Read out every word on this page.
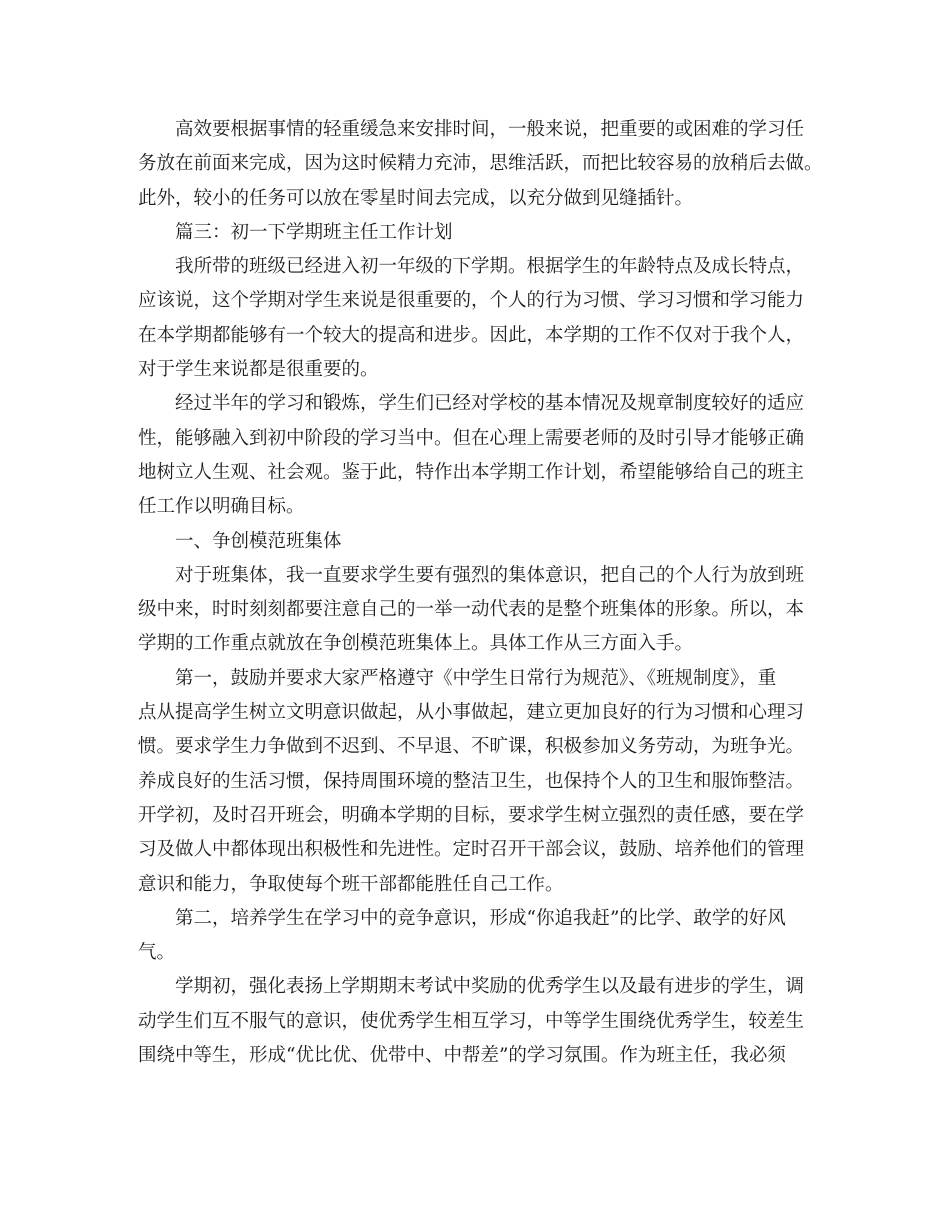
高效要根据事情的轻重缓急来安排时间，一般来说，把重要的或困难的学习任
务放在前面来完成，因为这时候精力充沛，思维活跃，而把比较容易的放稍后去做。
此外，较小的任务可以放在零星时间去完成，以充分做到见缝插针。
篇三：初一下学期班主任工作计划
我所带的班级已经进入初一年级的下学期。根据学生的年龄特点及成长特点，
应该说，这个学期对学生来说是很重要的，个人的行为习惯、学习习惯和学习能力
在本学期都能够有一个较大的提高和进步。因此，本学期的工作不仅对于我个人，
对于学生来说都是很重要的。
经过半年的学习和锻炼，学生们已经对学校的基本情况及规章制度较好的适应
性，能够融入到初中阶段的学习当中。但在心理上需要老师的及时引导才能够正确
地树立人生观、社会观。鉴于此，特作出本学期工作计划，希望能够给自己的班主
任工作以明确目标。
一、争创模范班集体
对于班集体，我一直要求学生要有强烈的集体意识，把自己的个人行为放到班
级中来，时时刻刻都要注意自己的一举一动代表的是整个班集体的形象。所以，本
学期的工作重点就放在争创模范班集体上。具体工作从三方面入手。
第一，鼓励并要求大家严格遵守《中学生日常行为规范》、《班规制度》，重
点从提高学生树立文明意识做起，从小事做起，建立更加良好的行为习惯和心理习
惯。要求学生力争做到不迟到、不早退、不旷课，积极参加义务劳动，为班争光。
养成良好的生活习惯，保持周围环境的整洁卫生，也保持个人的卫生和服饰整洁。
开学初，及时召开班会，明确本学期的目标，要求学生树立强烈的责任感，要在学
习及做人中都体现出积极性和先进性。定时召开干部会议，鼓励、培养他们的管理
意识和能力，争取使每个班干部都能胜任自己工作。
第二，培养学生在学习中的竞争意识，形成“你追我赶”的比学、敢学的好风
气。
学期初，强化表扬上学期期末考试中奖励的优秀学生以及最有进步的学生，调
动学生们互不服气的意识，使优秀学生相互学习，中等学生围绕优秀学生，较差生
围绕中等生，形成“优比优、优带中、中帮差”的学习氛围。作为班主任，我必须
